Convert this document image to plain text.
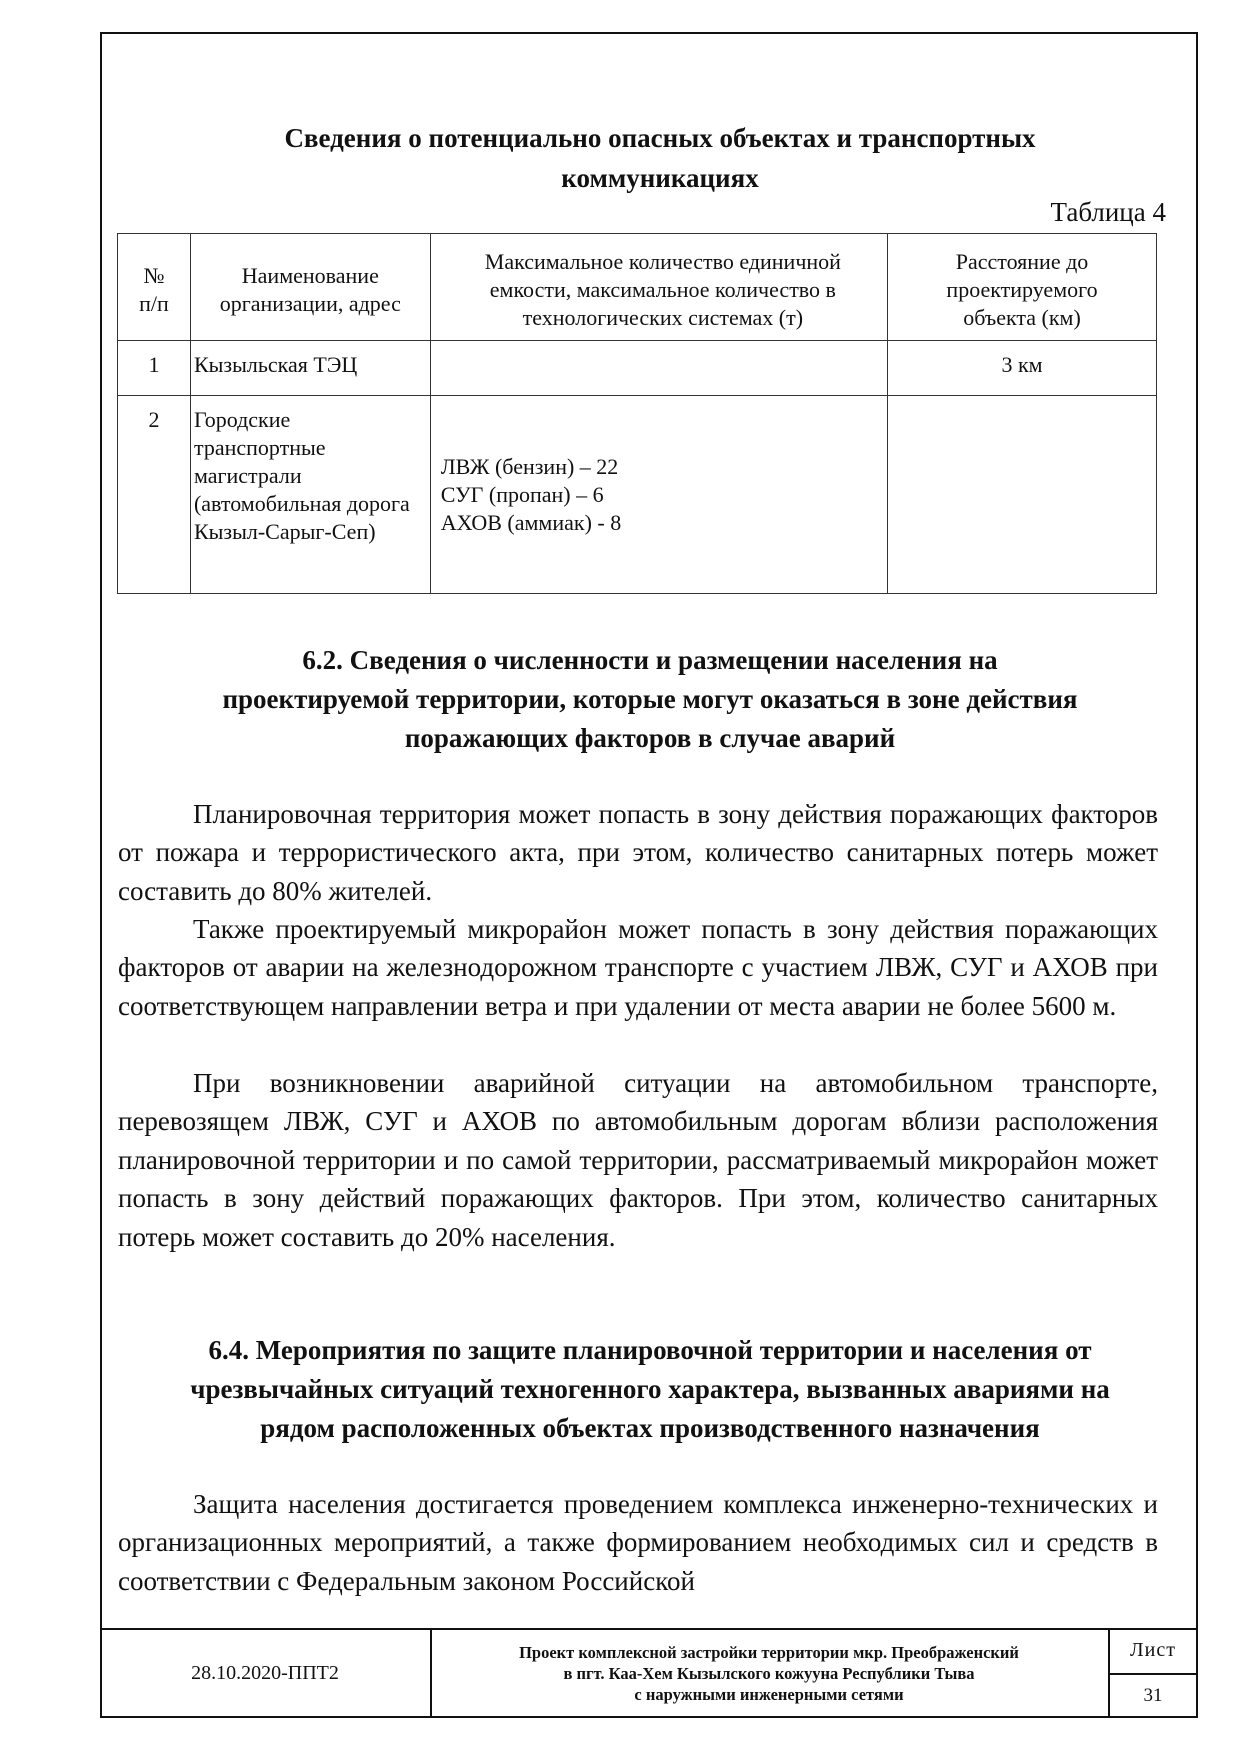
Сведения о потенциально опасных объектах и транспортных
коммуникациях
Таблица 4
№ п/п	Наименование организации, адрес	Максимальное количество единичной емкости, максимальное количество в технологических системах (т)	Расстояние до проектируемого объекта (км)
1	Кызыльская ТЭЦ		3 км
2	Городские транспортные магистрали (автомобильная дорога Кызыл-Сарыг-Сеп)	ЛВЖ (бензин) – 22
СУГ (пропан) – 6
АХОВ (аммиак) - 8	

6.2. Сведения о численности и размещении населения на
проектируемой территории, которые могут оказаться в зоне действия
поражающих факторов в случае аварий
Планировочная территория может попасть в зону действия поражающих факторов от пожара и террористического акта, при этом, количество санитарных потерь может составить до 80% жителей.
Также проектируемый микрорайон может попасть в зону действия поражающих факторов от аварии на железнодорожном транспорте с участием ЛВЖ, СУГ и АХОВ при соответствующем направлении ветра и при удалении от места аварии не более 5600 м.
При возникновении аварийной ситуации на автомобильном транспорте, перевозящем ЛВЖ, СУГ и АХОВ по автомобильным дорогам вблизи расположения планировочной территории и по самой территории, рассматриваемый микрорайон может попасть в зону действий поражающих факторов. При этом, количество санитарных потерь может составить до 20% населения.
6.4. Мероприятия по защите планировочной территории и населения от
чрезвычайных ситуаций техногенного характера, вызванных авариями на
рядом расположенных объектах производственного назначения
Защита населения достигается проведением комплекса инженерно-технических и организационных мероприятий, а также формированием необходимых сил и средств в соответствии с Федеральным законом Российской
28.10.2020-ППТ2
Проект комплексной застройки территории мкр. Преображенский
в пгт. Каа-Хем Кызылского кожууна Республики Тыва
с наружными инженерными сетями
Лист
31
